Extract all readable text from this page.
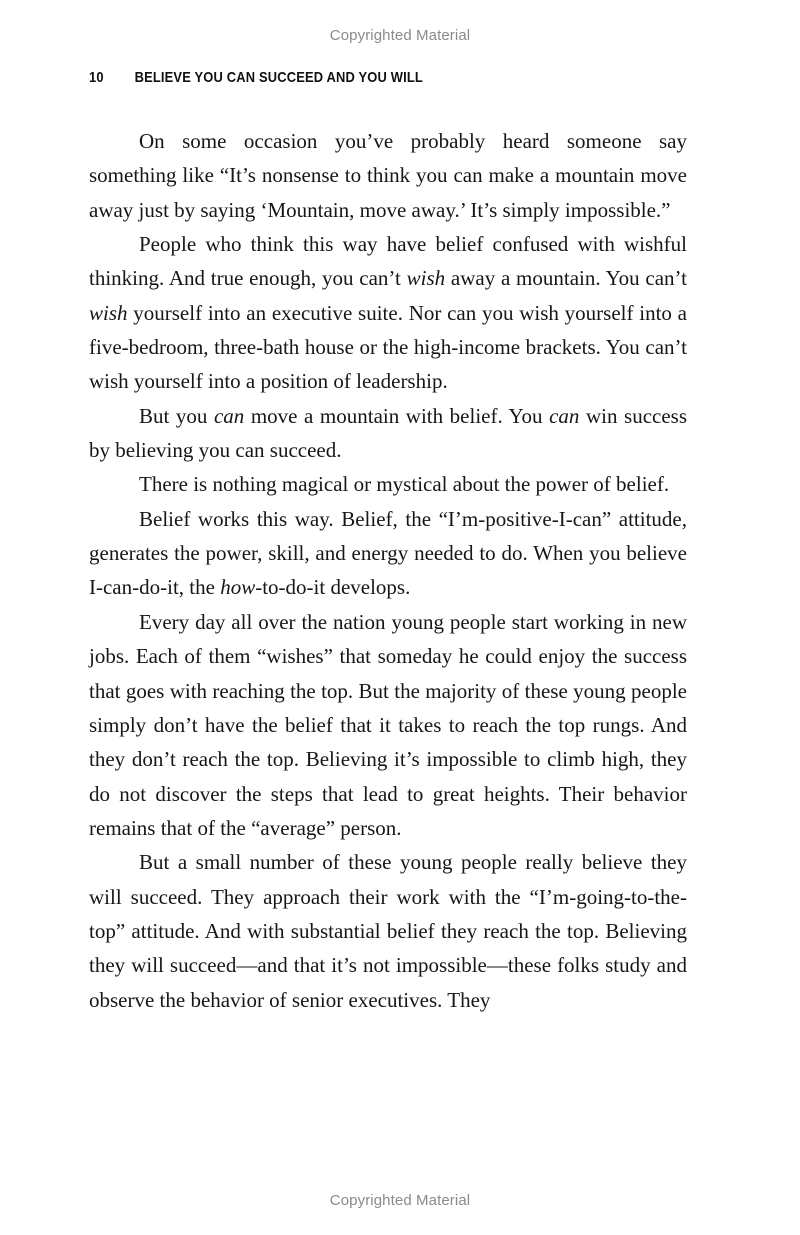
Copyrighted Material
10 BELIEVE YOU CAN SUCCEED AND YOU WILL

On some occasion you’ve probably heard someone say something like “It’s nonsense to think you can make a mountain move away just by saying ‘Mountain, move away.’ It’s simply impossible.”

People who think this way have belief confused with wishful thinking. And true enough, you can’t wish away a mountain. You can’t wish yourself into an executive suite. Nor can you wish yourself into a five-bedroom, three-bath house or the high-income brackets. You can’t wish yourself into a position of leadership.

But you can move a mountain with belief. You can win success by believing you can succeed.

There is nothing magical or mystical about the power of belief.

Belief works this way. Belief, the “I’m-positive-I-can” attitude, generates the power, skill, and energy needed to do. When you believe I-can-do-it, the how-to-do-it develops.

Every day all over the nation young people start working in new jobs. Each of them “wishes” that someday he could enjoy the success that goes with reaching the top. But the majority of these young people simply don’t have the belief that it takes to reach the top rungs. And they don’t reach the top. Believing it’s impossible to climb high, they do not discover the steps that lead to great heights. Their behavior remains that of the “average” person.

But a small number of these young people really believe they will succeed. They approach their work with the “I’m-going-to-the-top” attitude. And with substantial belief they reach the top. Believing they will succeed—and that it’s not impossible—these folks study and observe the behavior of senior executives. They

Copyrighted Material
